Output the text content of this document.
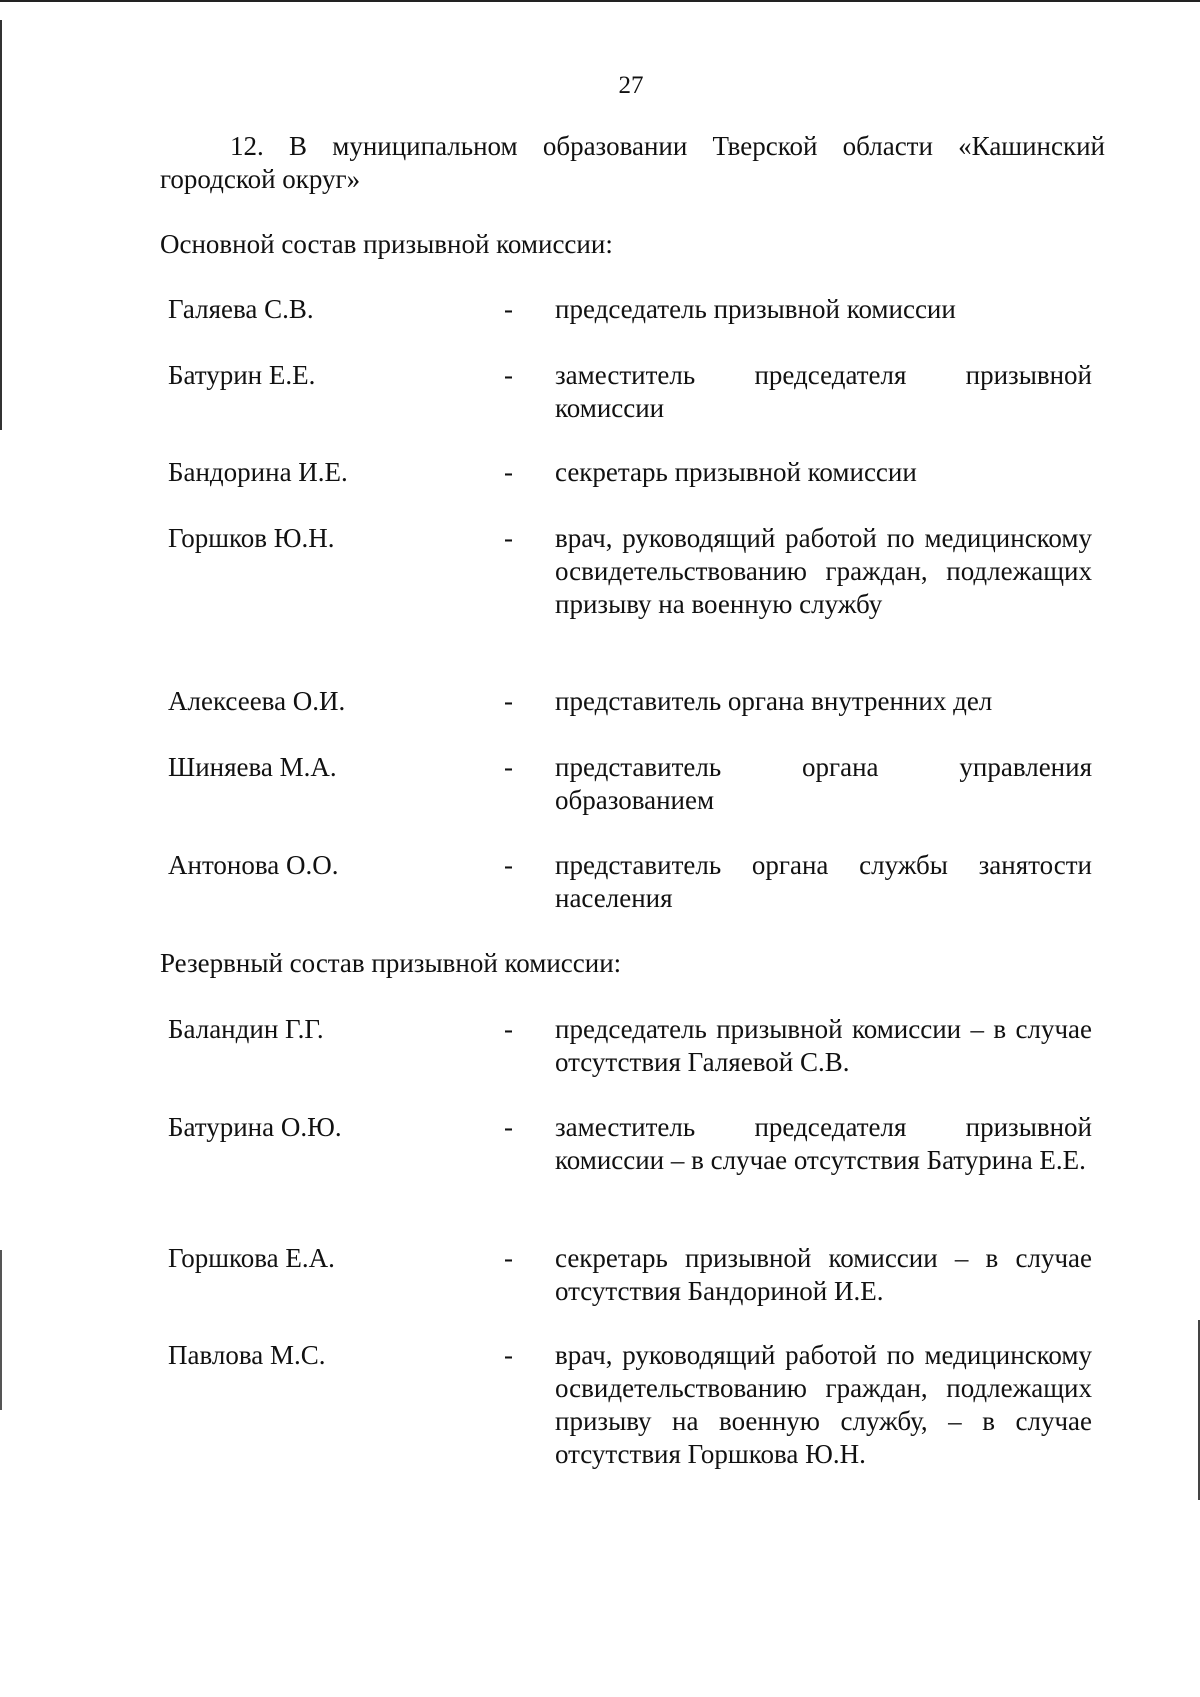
27
12. В муниципальном образовании Тверской области «Кашинский
городской округ»
Основной состав призывной комиссии:
Галяева С.В.	- председатель призывной комиссии
Батурин Е.Е.	- заместитель председателя призывной комиссии
Бандорина И.Е.	- секретарь призывной комиссии
Горшков Ю.Н.	- врач, руководящий работой по медицинскому освидетельствованию граждан, подлежащих призыву на военную службу
Алексеева О.И.	- представитель органа внутренних дел
Шиняева М.А.	- представитель органа управления образованием
Антонова О.О.	- представитель органа службы занятости населения
Резервный состав призывной комиссии:
Баландин Г.Г.	- председатель призывной комиссии – в случае отсутствия Галяевой С.В.
Батурина О.Ю.	- заместитель председателя призывной комиссии – в случае отсутствия Батурина Е.Е.
Горшкова Е.А.	- секретарь призывной комиссии – в случае отсутствия Бандориной И.Е.
Павлова М.С.	- врач, руководящий работой по медицинскому освидетельствованию граждан, подлежащих призыву на военную службу, – в случае отсутствия Горшкова Ю.Н.
